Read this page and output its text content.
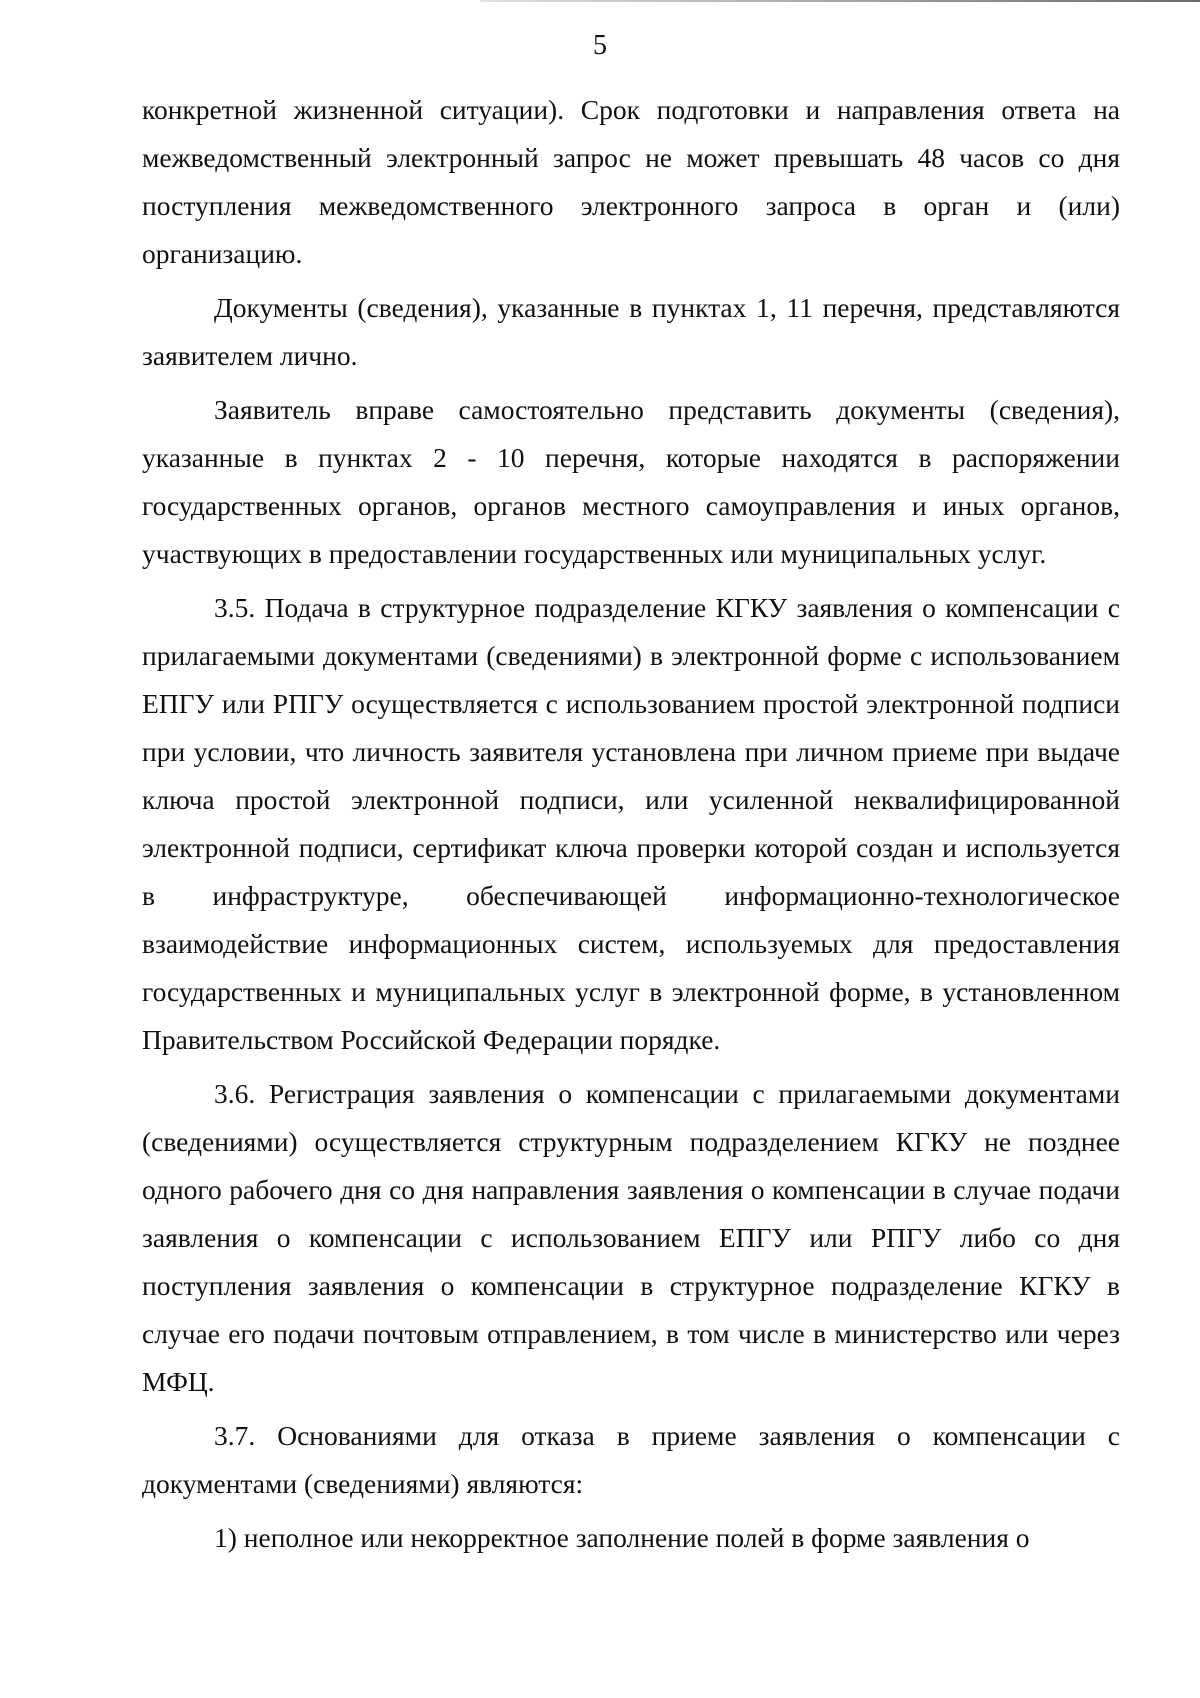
5

конкретной жизненной ситуации). Срок подготовки и направления ответа на межведомственный электронный запрос не может превышать 48 часов со дня поступления межведомственного электронного запроса в орган и (или) организацию.

Документы (сведения), указанные в пунктах 1, 11 перечня, представляются заявителем лично.

Заявитель вправе самостоятельно представить документы (сведения), указанные в пунктах 2 - 10 перечня, которые находятся в распоряжении государственных органов, органов местного самоуправления и иных органов, участвующих в предоставлении государственных или муниципальных услуг.

3.5. Подача в структурное подразделение КГКУ заявления о компенсации с прилагаемыми документами (сведениями) в электронной форме с использованием ЕПГУ или РПГУ осуществляется с использованием простой электронной подписи при условии, что личность заявителя установлена при личном приеме при выдаче ключа простой электронной подписи, или усиленной неквалифицированной электронной подписи, сертификат ключа проверки которой создан и используется в инфраструктуре, обеспечивающей информационно-технологическое взаимодействие информационных систем, используемых для предоставления государственных и муниципальных услуг в электронной форме, в установленном Правительством Российской Федерации порядке.

3.6. Регистрация заявления о компенсации с прилагаемыми документами (сведениями) осуществляется структурным подразделением КГКУ не позднее одного рабочего дня со дня направления заявления о компенсации в случае подачи заявления о компенсации с использованием ЕПГУ или РПГУ либо со дня поступления заявления о компенсации в структурное подразделение КГКУ в случае его подачи почтовым отправлением, в том числе в министерство или через МФЦ.

3.7. Основаниями для отказа в приеме заявления о компенсации с документами (сведениями) являются:

1) неполное или некорректное заполнение полей в форме заявления о
